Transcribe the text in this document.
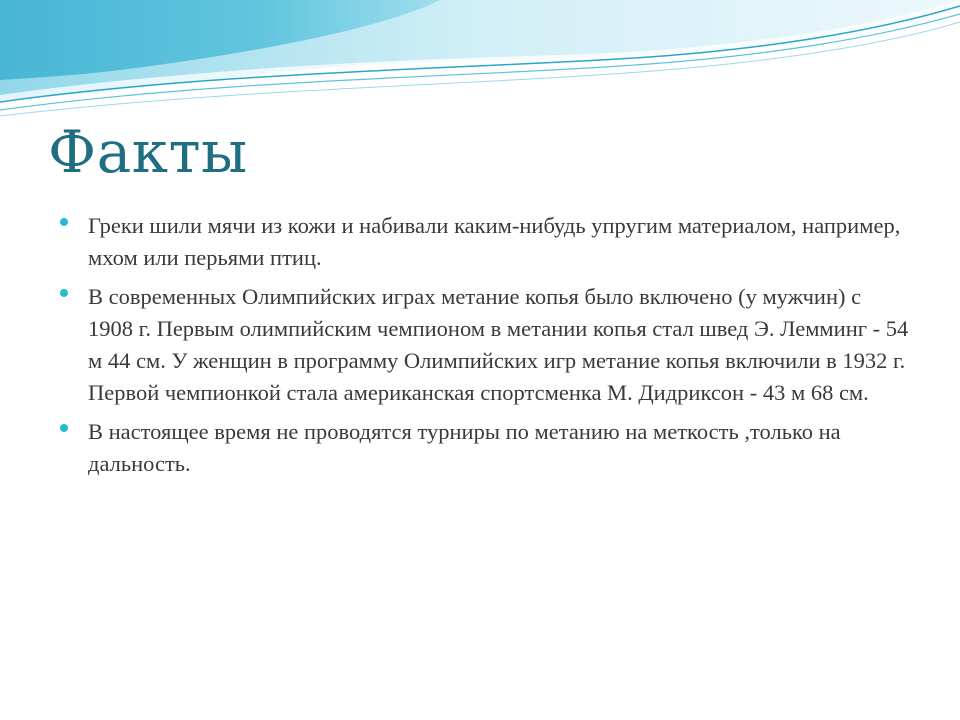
Факты
Греки шили мячи из кожи и набивали каким-нибудь упругим материалом, например, мхом или перьями птиц.
В современных Олимпийских играх метание копья было включено (у мужчин) с 1908 г. Первым олимпийским чемпионом в метании копья стал швед Э. Лемминг - 54 м 44 см. У женщин в программу Олимпийских игр метание копья включили в 1932 г. Первой чемпионкой стала американская спортсменка М. Дидриксон - 43 м 68 см.
В настоящее время не проводятся турниры по метанию на меткость ,только на дальность.
